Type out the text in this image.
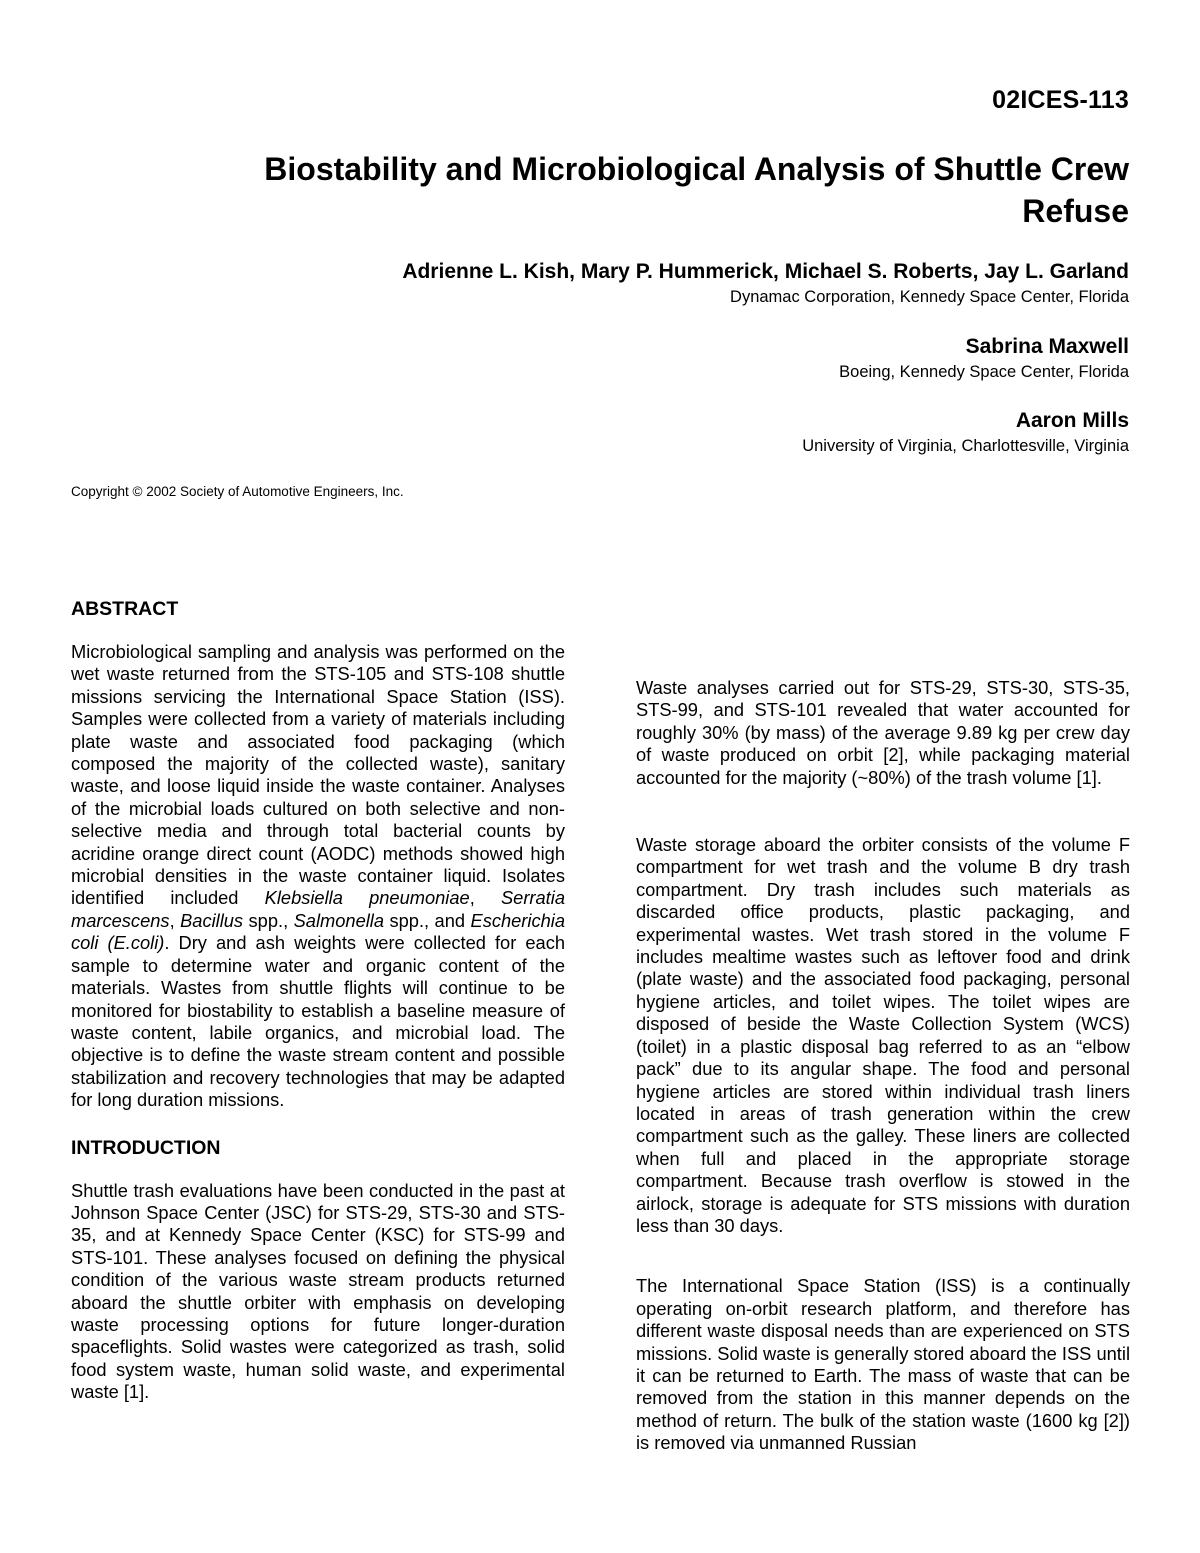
02ICES-113
Biostability and Microbiological Analysis of Shuttle Crew
Refuse
Adrienne L. Kish, Mary P. Hummerick, Michael S. Roberts, Jay L. Garland
Dynamac Corporation, Kennedy Space Center, Florida
Sabrina Maxwell
Boeing, Kennedy Space Center, Florida
Aaron Mills
University of Virginia, Charlottesville, Virginia
Copyright © 2002 Society of Automotive Engineers, Inc.
ABSTRACT

Microbiological sampling and analysis was performed on the wet waste returned from the STS-105 and STS-108 shuttle missions servicing the International Space Station (ISS). Samples were collected from a variety of materials including plate waste and associated food packaging (which composed the majority of the collected waste), sanitary waste, and loose liquid inside the waste container. Analyses of the microbial loads cultured on both selective and non-selective media and through total bacterial counts by acridine orange direct count (AODC) methods showed high microbial densities in the waste container liquid. Isolates identified included Klebsiella pneumoniae, Serratia marcescens, Bacillus spp., Salmonella spp., and Escherichia coli (E.coli). Dry and ash weights were collected for each sample to determine water and organic content of the materials. Wastes from shuttle flights will continue to be monitored for biostability to establish a baseline measure of waste content, labile organics, and microbial load. The objective is to define the waste stream content and possible stabilization and recovery technologies that may be adapted for long duration missions.

INTRODUCTION

Shuttle trash evaluations have been conducted in the past at Johnson Space Center (JSC) for STS-29, STS-30 and STS-35, and at Kennedy Space Center (KSC) for STS-99 and STS-101. These analyses focused on defining the physical condition of the various waste stream products returned aboard the shuttle orbiter with emphasis on developing waste processing options for future longer-duration spaceflights. Solid wastes were categorized as trash, solid food system waste, human solid waste, and experimental waste [1].

Waste analyses carried out for STS-29, STS-30, STS-35, STS-99, and STS-101 revealed that water accounted for roughly 30% (by mass) of the average 9.89 kg per crew day of waste produced on orbit [2], while packaging material accounted for the majority (~80%) of the trash volume [1].

Waste storage aboard the orbiter consists of the volume F compartment for wet trash and the volume B dry trash compartment. Dry trash includes such materials as discarded office products, plastic packaging, and experimental wastes. Wet trash stored in the volume F includes mealtime wastes such as leftover food and drink (plate waste) and the associated food packaging, personal hygiene articles, and toilet wipes. The toilet wipes are disposed of beside the Waste Collection System (WCS) (toilet) in a plastic disposal bag referred to as an “elbow pack” due to its angular shape. The food and personal hygiene articles are stored within individual trash liners located in areas of trash generation within the crew compartment such as the galley. These liners are collected when full and placed in the appropriate storage compartment. Because trash overflow is stowed in the airlock, storage is adequate for STS missions with duration less than 30 days.

The International Space Station (ISS) is a continually operating on-orbit research platform, and therefore has different waste disposal needs than are experienced on STS missions. Solid waste is generally stored aboard the ISS until it can be returned to Earth. The mass of waste that can be removed from the station in this manner depends on the method of return. The bulk of the station waste (1600 kg [2]) is removed via unmanned Russian
